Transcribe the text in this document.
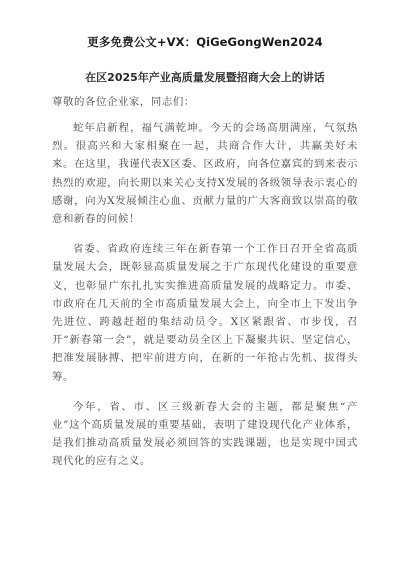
更多免费公文+VX：QiGeGongWen2024

在区2025年产业高质量发展暨招商大会上的讲话

尊敬的各位企业家，同志们：

蛇年启新程，福气满乾坤。今天的会场高朋满座，气氛热烈。很高兴和大家相聚在一起，共商合作大计，共赢美好未来。在这里，我谨代表X区委、区政府，向各位嘉宾的到来表示热烈的欢迎，向长期以来关心支持X发展的各级领导表示衷心的感谢，向为X发展倾注心血、贡献力量的广大客商致以崇高的敬意和新春的问候！

省委、省政府连续三年在新春第一个工作日召开全省高质量发展大会，既彰显高质量发展之于广东现代化建设的重要意义，也彰显广东扎扎实实推进高质量发展的战略定力。市委、市政府在几天前的全市高质量发展大会上，向全市上下发出争先进位、跨越赶超的集结动员令。X区紧跟省、市步伐，召开“新春第一会”，就是要动员全区上下凝聚共识、坚定信心，把准发展脉搏、把牢前进方向，在新的一年抢占先机、拔得头筹。

今年，省、市、区三级新春大会的主题，都是聚焦“产业”这个高质量发展的重要基础，表明了建设现代化产业体系，是我们推动高质量发展必须回答的实践课题，也是实现中国式现代化的应有之义。
